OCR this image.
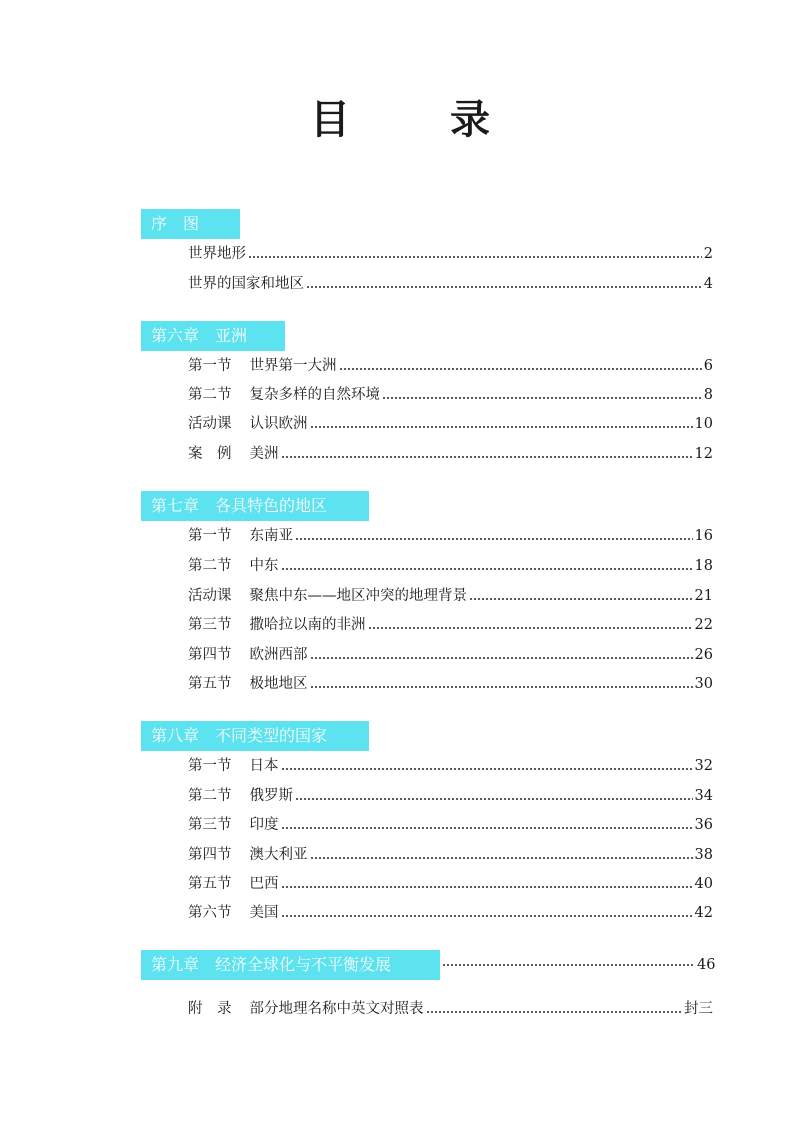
目　录
序　图
世界地形	2
世界的国家和地区	4
第六章　亚洲
第一节 世界第一大洲	6
第二节 复杂多样的自然环境	8
活动课 认识欧洲	10
案　例 美洲	12
第七章　各具特色的地区
第一节 东南亚	16
第二节 中东	18
活动课 聚焦中东——地区冲突的地理背景	21
第三节 撒哈拉以南的非洲	22
第四节 欧洲西部	26
第五节 极地地区	30
第八章　不同类型的国家
第一节 日本	32
第二节 俄罗斯	34
第三节 印度	36
第四节 澳大利亚	38
第五节 巴西	40
第六节 美国	42
第九章　经济全球化与不平衡发展	46
附　录 部分地理名称中英文对照表	封三
